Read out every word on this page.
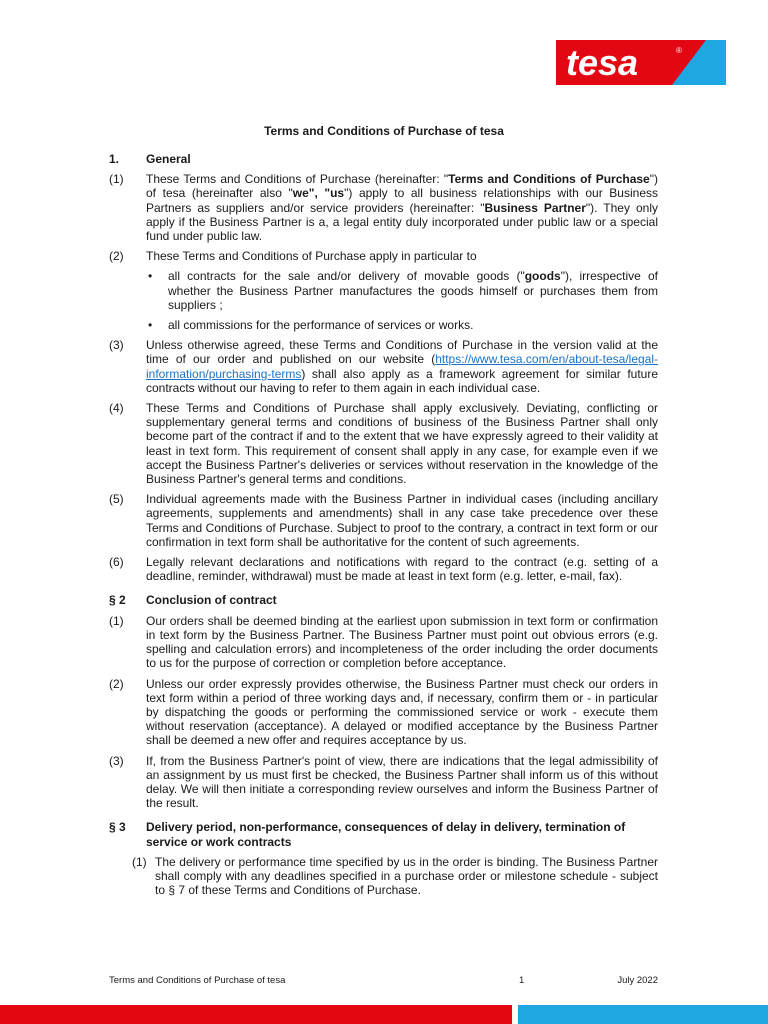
tesa	®
Terms and Conditions of Purchase of tesa
1.	General
(1)	These Terms and Conditions of Purchase (hereinafter: "Terms and Conditions of Purchase") of tesa (hereinafter also "we", "us") apply to all business relationships with our Business Partners as suppliers and/or service providers (hereinafter: "Business Partner"). They only apply if the Business Partner is a, a legal entity duly incorporated under public law or a special fund under public law.
(2)	These Terms and Conditions of Purchase apply in particular to
•	all contracts for the sale and/or delivery of movable goods ("goods"), irrespective of whether the Business Partner manufactures the goods himself or purchases them from suppliers ;
•	all commissions for the performance of services or works.
(3)	Unless otherwise agreed, these Terms and Conditions of Purchase in the version valid at the time of our order and published on our website (https://www.tesa.com/en/about-tesa/legal-information/purchasing-terms) shall also apply as a framework agreement for similar future contracts without our having to refer to them again in each individual case.
(4)	These Terms and Conditions of Purchase shall apply exclusively. Deviating, conflicting or supplementary general terms and conditions of business of the Business Partner shall only become part of the contract if and to the extent that we have expressly agreed to their validity at least in text form. This requirement of consent shall apply in any case, for example even if we accept the Business Partner's deliveries or services without reservation in the knowledge of the Business Partner's general terms and conditions.
(5)	Individual agreements made with the Business Partner in individual cases (including ancillary agreements, supplements and amendments) shall in any case take precedence over these Terms and Conditions of Purchase. Subject to proof to the contrary, a contract in text form or our confirmation in text form shall be authoritative for the content of such agreements.
(6)	Legally relevant declarations and notifications with regard to the contract (e.g. setting of a deadline, reminder, withdrawal) must be made at least in text form (e.g. letter, e-mail, fax).
§ 2	Conclusion of contract
(1)	Our orders shall be deemed binding at the earliest upon submission in text form or confirmation in text form by the Business Partner. The Business Partner must point out obvious errors (e.g. spelling and calculation errors) and incompleteness of the order including the order documents to us for the purpose of correction or completion before acceptance.
(2)	Unless our order expressly provides otherwise, the Business Partner must check our orders in text form within a period of three working days and, if necessary, confirm them or - in particular by dispatching the goods or performing the commissioned service or work - execute them without reservation (acceptance). A delayed or modified acceptance by the Business Partner shall be deemed a new offer and requires acceptance by us.
(3)	If, from the Business Partner's point of view, there are indications that the legal admissibility of an assignment by us must first be checked, the Business Partner shall inform us of this without delay. We will then initiate a corresponding review ourselves and inform the Business Partner of the result.
§ 3	Delivery period, non-performance, consequences of delay in delivery, termination of service or work contracts
(1) The delivery or performance time specified by us in the order is binding. The Business Partner shall comply with any deadlines specified in a purchase order or milestone schedule - subject to § 7 of these Terms and Conditions of Purchase.
Terms and Conditions of Purchase of tesa	1	July 2022
